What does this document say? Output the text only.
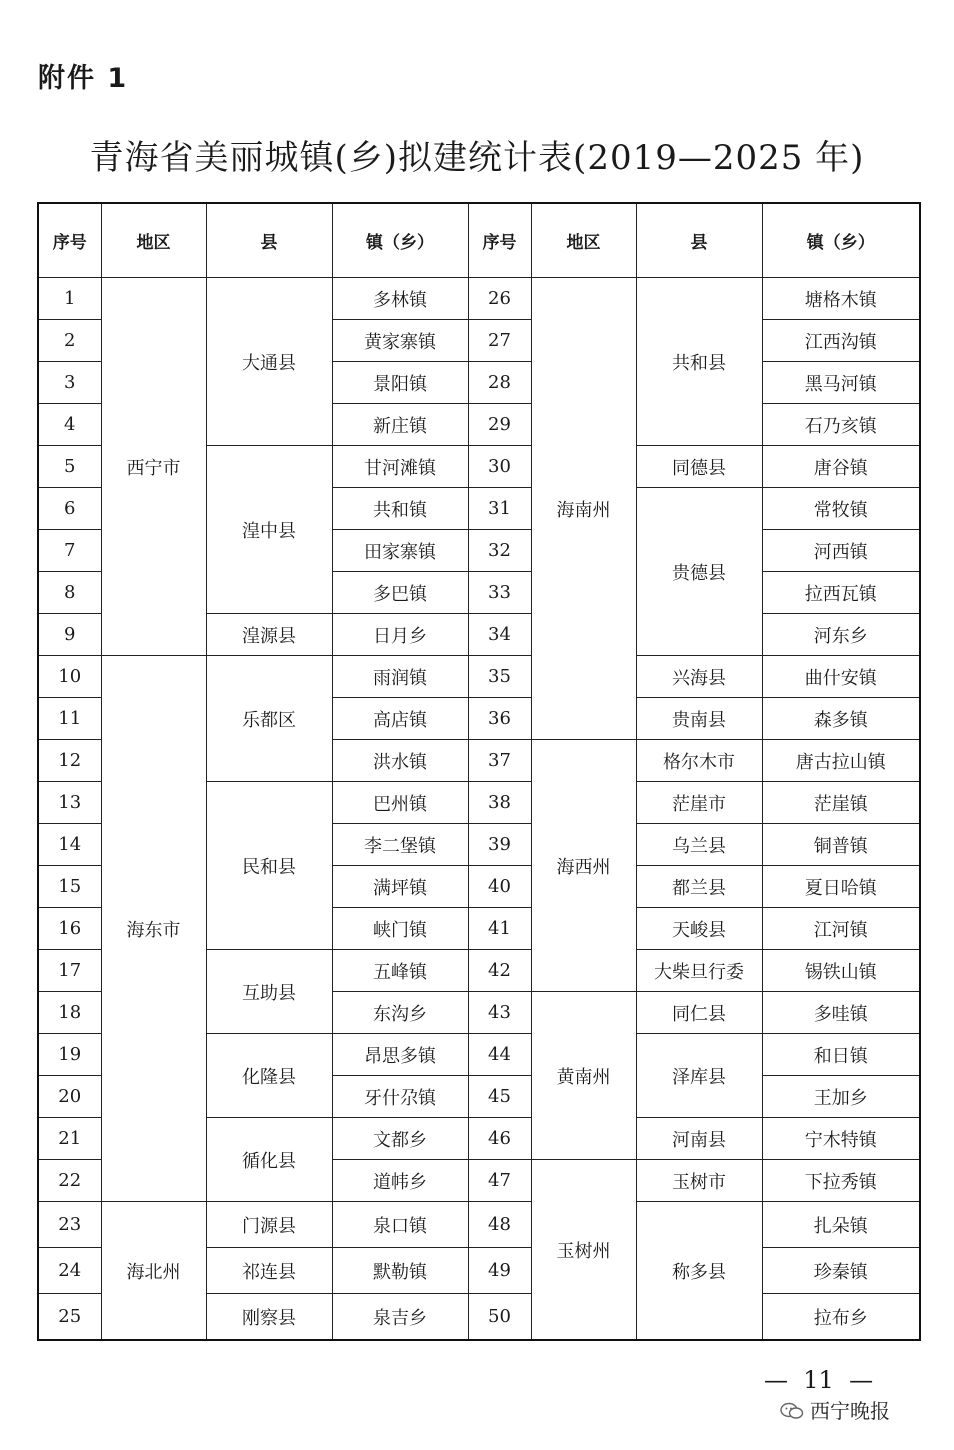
附件 1
青海省美丽城镇(乡)拟建统计表(2019—2025 年)
序号	地区	县	镇（乡）	序号	地区	县	镇（乡）
1	西宁市	大通县	多林镇	26	海南州	共和县	塘格木镇
2			黄家寨镇	27			江西沟镇
3			景阳镇	28			黑马河镇
4			新庄镇	29			石乃亥镇
5		湟中县	甘河滩镇	30		同德县	唐谷镇
6			共和镇	31		贵德县	常牧镇
7			田家寨镇	32			河西镇
8			多巴镇	33			拉西瓦镇
9		湟源县	日月乡	34			河东乡
10	海东市	乐都区	雨润镇	35		兴海县	曲什安镇
11			高店镇	36		贵南县	森多镇
12			洪水镇	37	海西州	格尔木市	唐古拉山镇
13		民和县	巴州镇	38		茫崖市	茫崖镇
14			李二堡镇	39		乌兰县	铜普镇
15			满坪镇	40		都兰县	夏日哈镇
16			峡门镇	41		天峻县	江河镇
17		互助县	五峰镇	42		大柴旦行委	锡铁山镇
18			东沟乡	43	黄南州	同仁县	多哇镇
19		化隆县	昂思多镇	44		泽库县	和日镇
20			牙什尕镇	45			王加乡
21		循化县	文都乡	46		河南县	宁木特镇
22			道帏乡	47	玉树州	玉树市	下拉秀镇
23	海北州	门源县	泉口镇	48		称多县	扎朵镇
24		祁连县	默勒镇	49			珍秦镇
25		刚察县	泉吉乡	50			拉布乡
— 11 —
西宁晚报
